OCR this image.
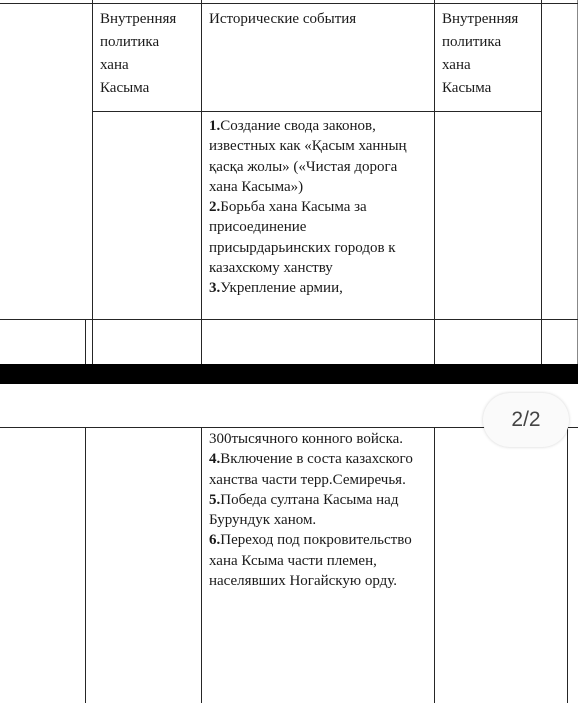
Внутренняя
политика
хана
Касыма
Исторические события	Внутренняя
политика
хана
Касыма

1.Создание свода законов, известных как «Қасым ханның қасқа жолы» («Чистая дорога хана Касыма»)

2.Борьба хана Касыма за присоединение присырдарьинских городов к казахскому ханству

3.Укрепление армии,

300тысячного конного войска.

4.Включение в соста казахского ханства части терр.Семиречья.

5.Победа султана Касыма над Бурундук ханом.

6.Переход под покровительство хана Ксыма части племен, населявших Ногайскую орду.

2/2
